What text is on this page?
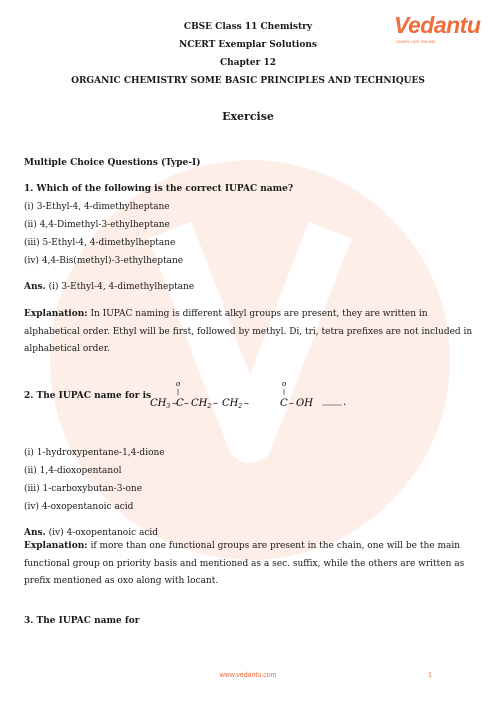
CBSE Class 11 Chemistry
NCERT Exemplar Solutions
Chapter 12
ORGANIC CHEMISTRY SOME BASIC PRINCIPLES AND TECHNIQUES
Vedantu
LEARN LIVE ONLINE
Exercise
Multiple Choice Questions (Type-I)
1. Which of the following is the correct IUPAC name?
(i) 3-Ethyl-4, 4-dimethylheptane
(ii) 4,4-Dimethyl-3-ethylheptane
(iii) 5-Ethyl-4, 4-dimethylheptane
(iv) 4,4-Bis(methyl)-3-ethylheptane
Ans. (i) 3-Ethyl-4, 4-dimethylheptane
Explanation: In IUPAC naming is different alkyl groups are present, they are written in alphabetical order. Ethyl will be first, followed by methyl. Di, tri, tetra prefixes are not included in alphabetical order.
2. The IUPAC name for is
o	o
$CH_3$ – C – $CH_2 - CH_2$ –	C – OH	.
(i) 1-hydroxypentane-1,4-dione
(ii) 1,4-dioxopentanol
(iii) 1-carboxybutan-3-one
(iv) 4-oxopentanoic acid
Ans. (iv) 4-oxopentanoic acid
Explanation: if more than one functional groups are present in the chain, one will be the main functional group on priority basis and mentioned as a sec. suffix, while the others are written as prefix mentioned as oxo along with locant.
3. The IUPAC name for
www.vedantu.com	1
